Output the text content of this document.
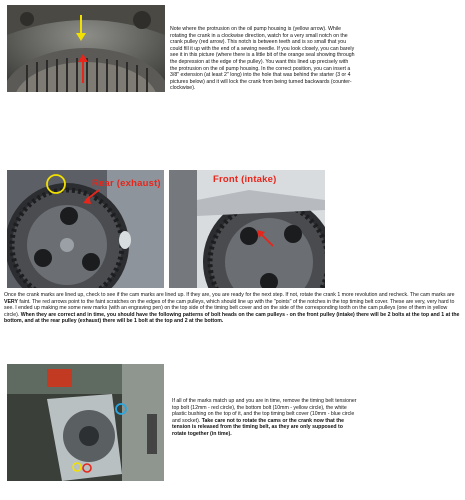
Note where the protrusion on the oil pump housing is (yellow arrow). While rotating the crank in a clockwise direction, watch for a very small notch on the crank pulley (red arrow). This notch is between teeth and is so small that you could fill it up with the end of a sewing needle. If you look closely, you can barely see it in this picture (where there is a little bit of the orange seal showing through the depression at the edge of the pulley). You want this lined up precisely with the protrusion on the oil pump housing. In the correct position, you can insert a 3/8" extension (at least 2" long) into the hole that was behind the starter (3 or 4 pictures below) and it will lock the crank from being turned backwards (counter-clockwise).
Rear (exhaust)	Front (intake)
Once the crank marks are lined up, check to see if the cam marks are lined up. If they are, you are ready for the next step. If not, rotate the crank 1 more revolution and recheck. The cam marks are VERY faint. The red arrows point to the faint scratches on the edges of the cam pulleys, which should line up with the "points" of the notches in the top timing belt cover. These are very, very hard to see. I ended up making me some new marks (with an engraving pen) on the top side of the timing belt cover and on the side of the corresponding tooth on the cam pulleys (one of them in yellow circle). When they are correct and in time, you should have the following patterns of bolt heads on the cam pulleys - on the front pulley (intake) there will be 2 bolts at the top and 1 at the bottom, and at the rear pulley (exhaust) there will be 1 bolt at the top and 2 at the bottom.
If all of the marks match up and you are in time, remove the timing belt tensioner top bolt (12mm - red circle), the bottom bolt (10mm - yellow circle), the white plastic bushing on the top of it, and the top timing belt cover (10mm - blue circle and socket). Take care not to rotate the cams or the crank now that the tension is released from the timing belt, as they are only supposed to rotate together (in time).
